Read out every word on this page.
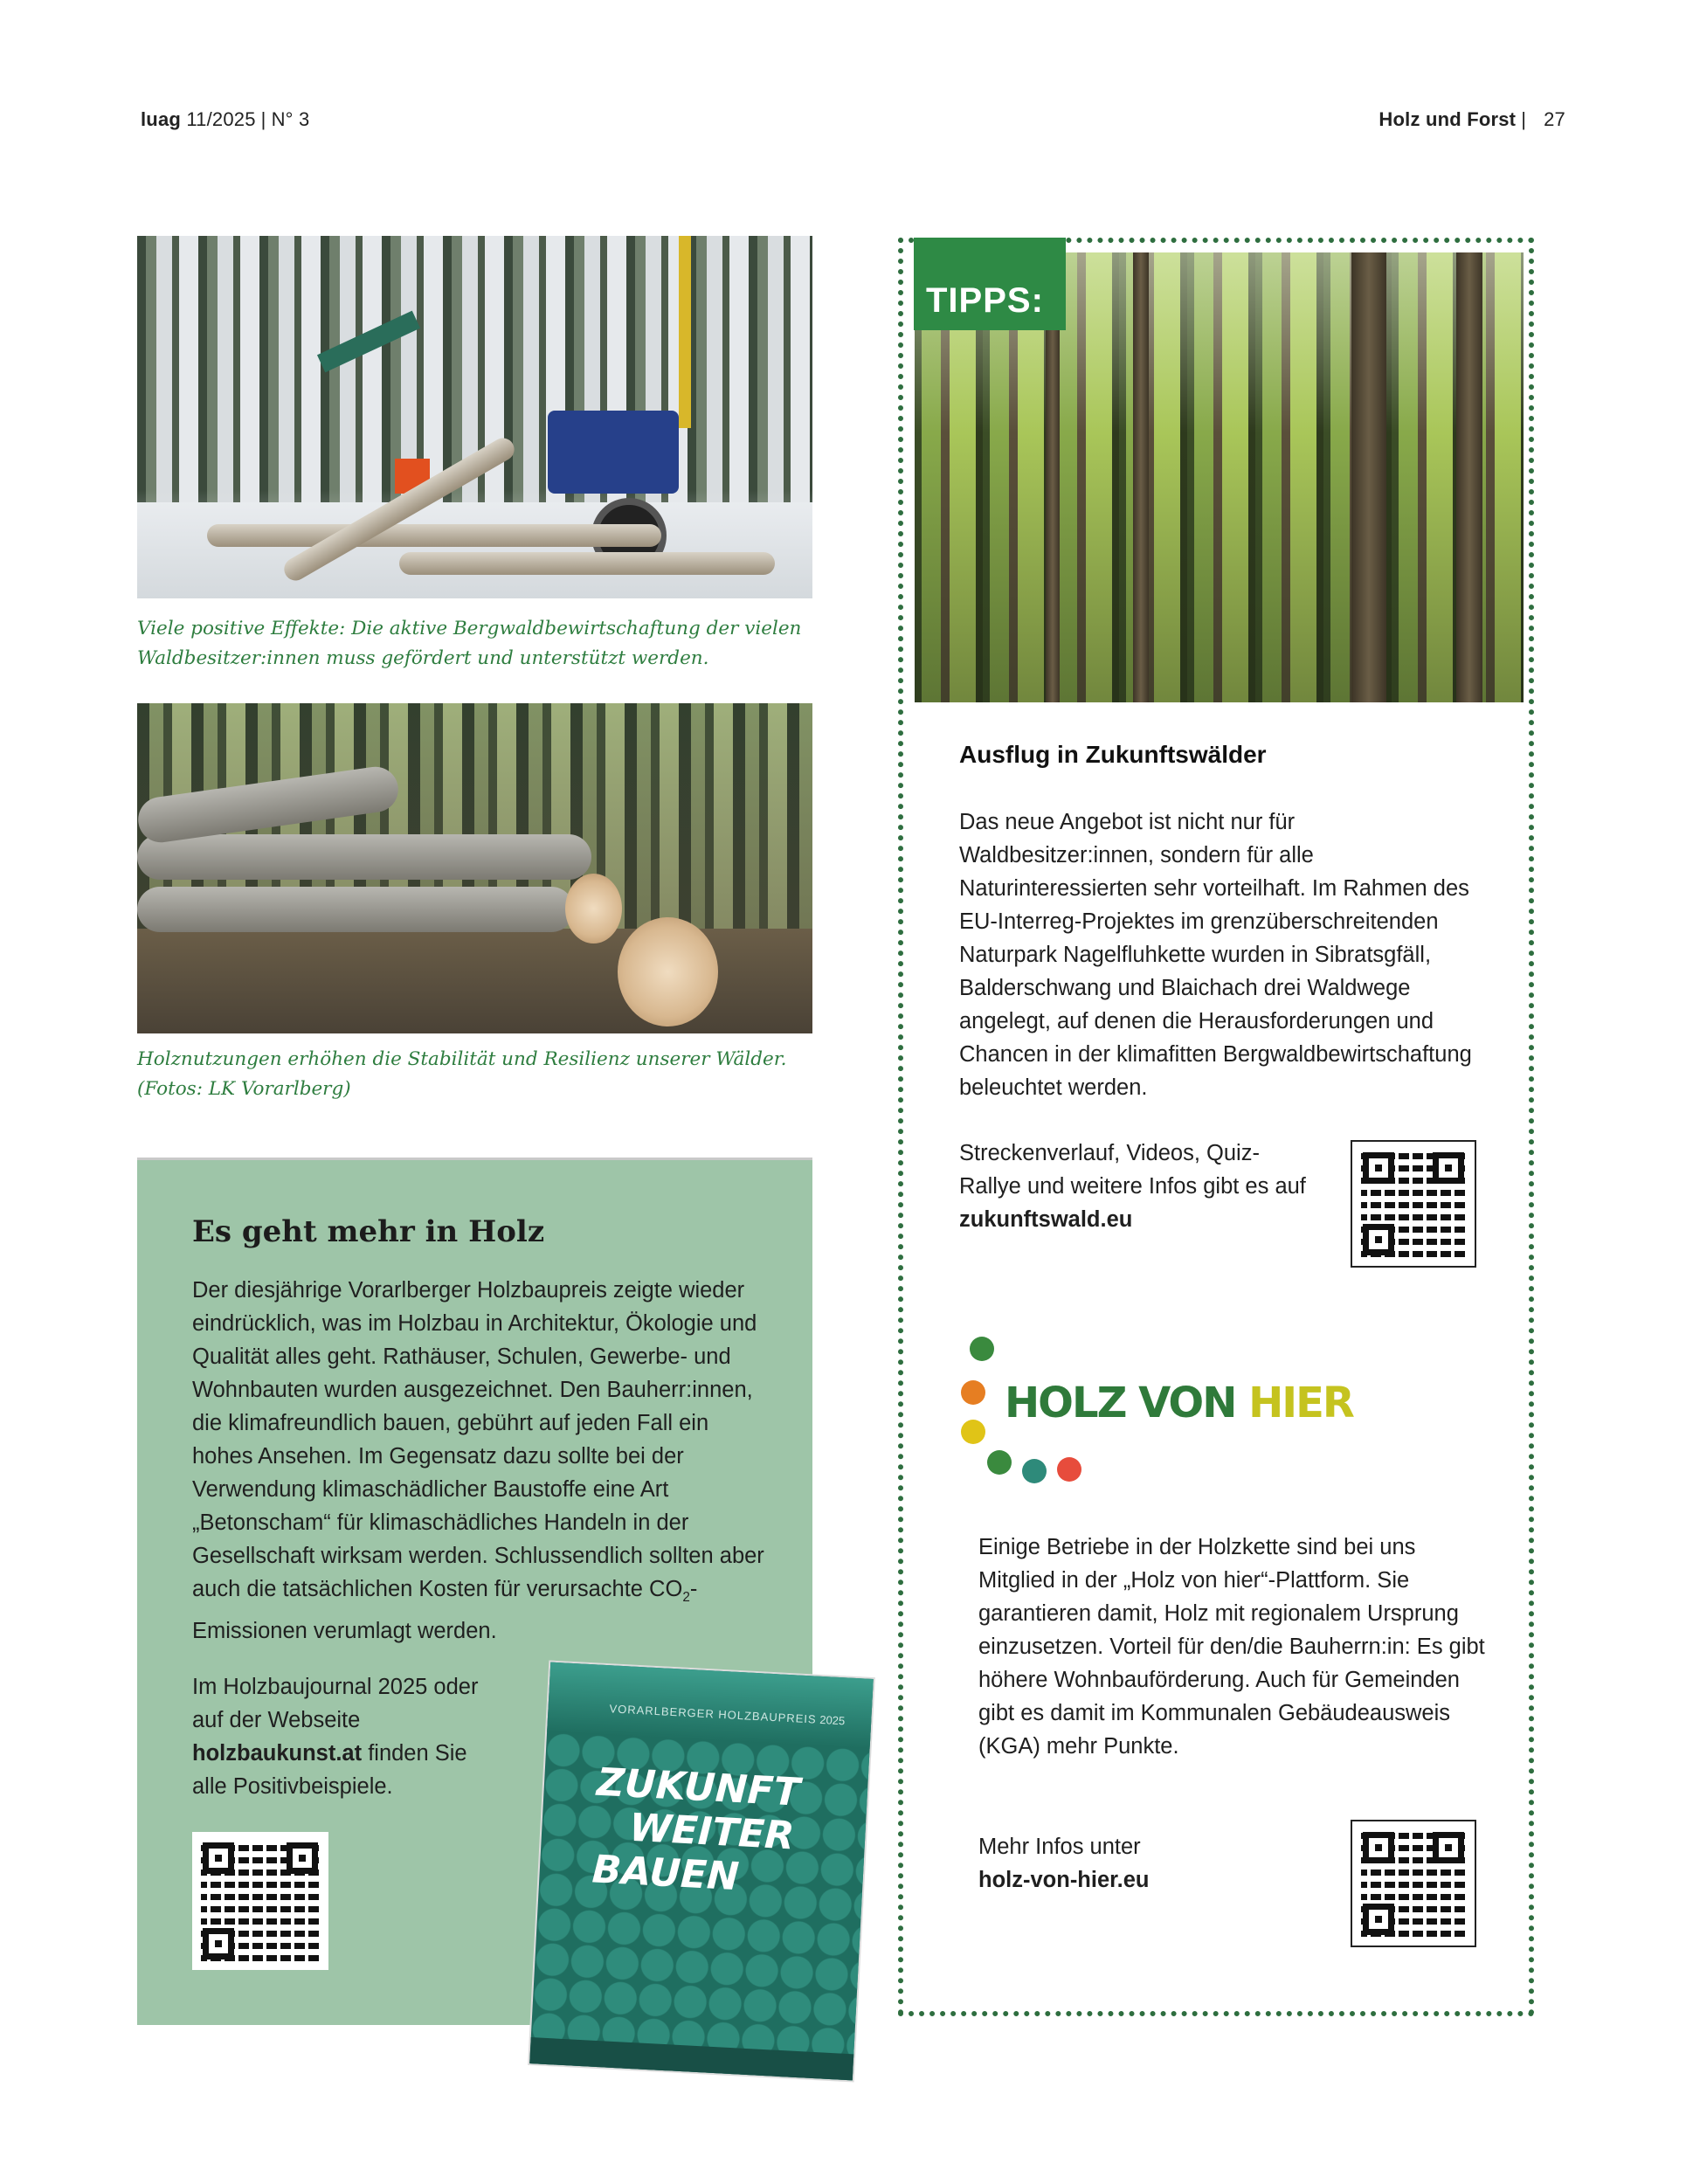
luag 11/2025 | N° 3	Holz und Forst | 27
Viele positive Effekte: Die aktive Bergwaldbewirtschaftung der vielen Waldbesitzer:innen muss gefördert und unterstützt werden.
Holznutzungen erhöhen die Stabilität und Resilienz unserer Wälder. (Fotos: LK Vorarlberg)
Es geht mehr in Holz

Der diesjährige Vorarlberger Holzbaupreis zeigte wieder eindrücklich, was im Holzbau in Architektur, Ökologie und Qualität alles geht. Rathäuser, Schulen, Gewerbe- und Wohnbauten wurden ausgezeichnet. Den Bauherr:innen, die klimafreundlich bauen, gebührt auf jeden Fall ein hohes Ansehen. Im Gegensatz dazu sollte bei der Verwendung klimaschädlicher Baustoffe eine Art „Betonscham“ für klimaschädliches Handeln in der Gesellschaft wirksam werden. Schlussendlich sollten aber auch die tatsächlichen Kosten für verursachte $CO_2$-Emissionen verumlagt werden.

Im Holzbaujournal 2025 oder auf der Webseite holzbaukunst.at finden Sie alle Positivbeispiele.
VORARLBERGER HOLZBAUPREIS 2025
ZUKUNFT
WEITER
BAUEN
TIPPS:
Ausflug in Zukunftswälder

Das neue Angebot ist nicht nur für Waldbesitzer:innen, sondern für alle Naturinteressierten sehr vorteilhaft. Im Rahmen des EU-Interreg-Projektes im grenzüberschreitenden Naturpark Nagelfluhkette wurden in Sibratsgfäll, Balderschwang und Blaichach drei Waldwege angelegt, auf denen die Herausforderungen und Chancen in der klimafitten Bergwaldbewirtschaftung beleuchtet werden.

Streckenverlauf, Videos, Quiz-Rallye und weitere Infos gibt es auf
zukunftswald.eu
HOLZ VON HIER

Einige Betriebe in der Holzkette sind bei uns Mitglied in der „Holz von hier“-Plattform. Sie garantieren damit, Holz mit regionalem Ursprung einzusetzen. Vorteil für den/die Bauherrn:in: Es gibt höhere Wohnbauförderung. Auch für Gemeinden gibt es damit im Kommunalen Gebäudeausweis (KGA) mehr Punkte.

Mehr Infos unter
holz-von-hier.eu
